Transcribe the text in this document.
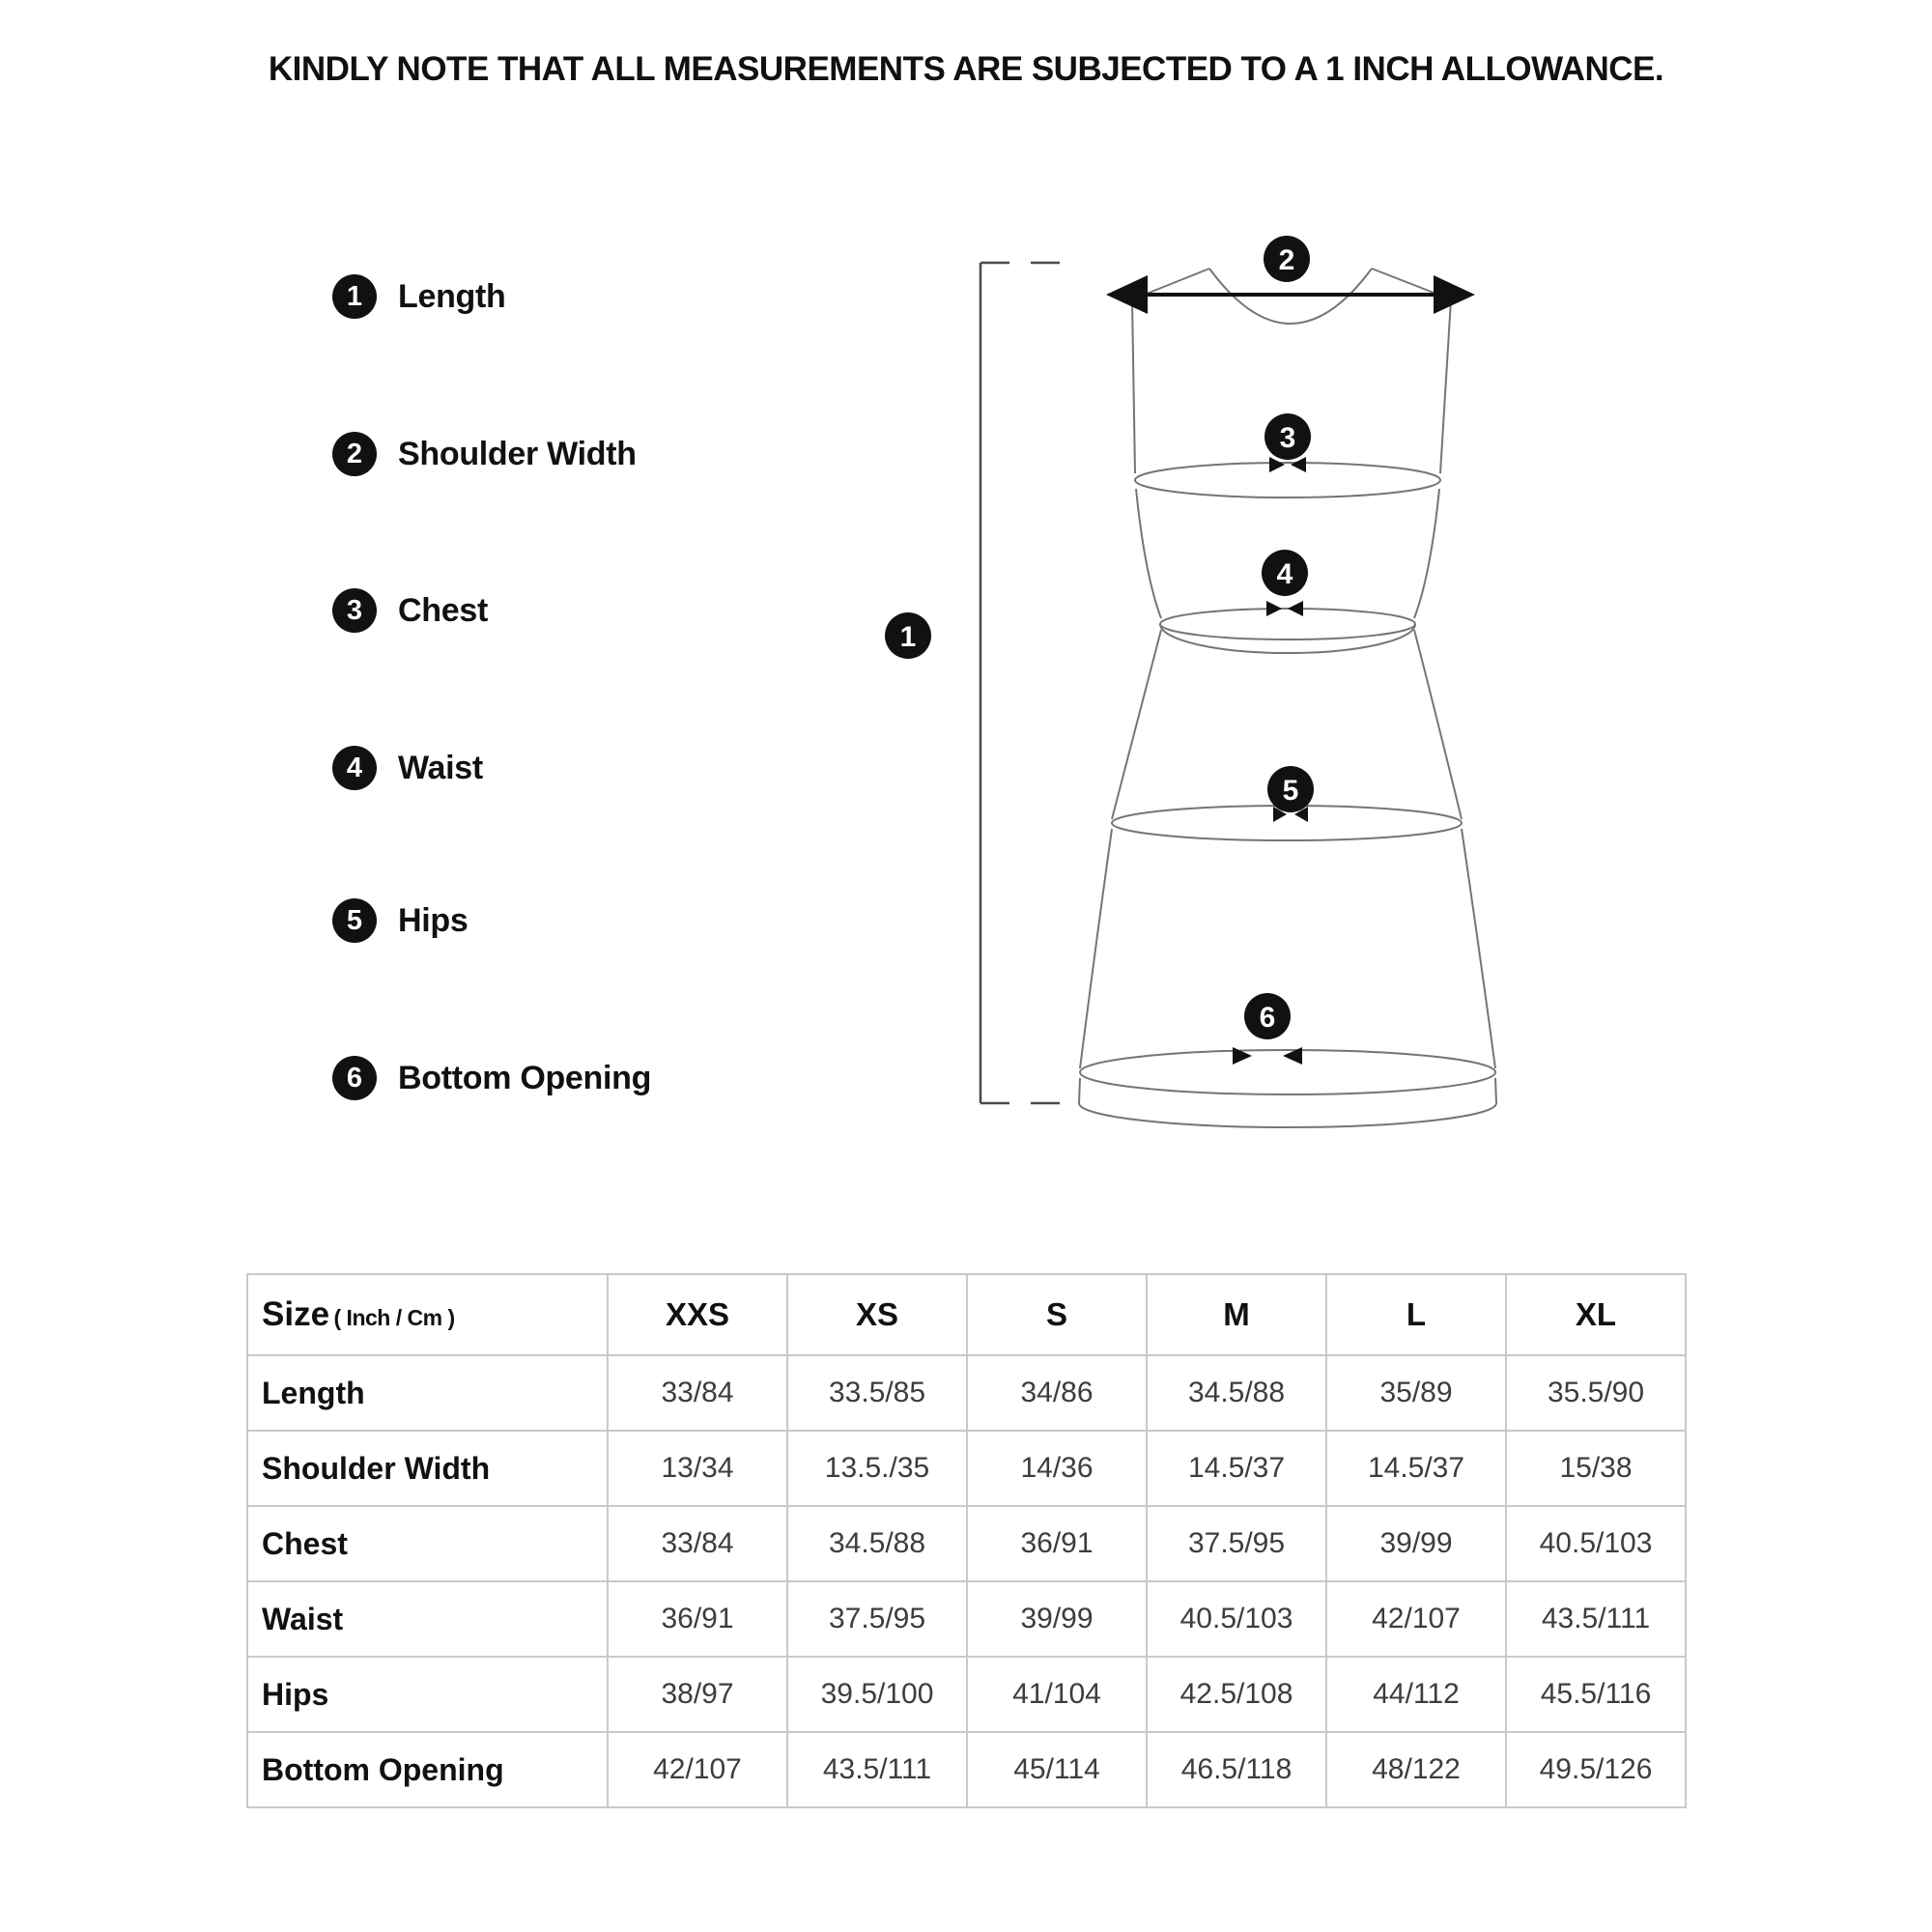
KINDLY NOTE THAT ALL MEASUREMENTS ARE SUBJECTED TO A 1 INCH ALLOWANCE.
1	Length
2	Shoulder Width
3	Chest
4	Waist
5	Hips
6	Bottom Opening
1
2
3
4
5
6
Size ( Inch / Cm )	XXS	XS	S	M	L	XL
Length	33/84	33.5/85	34/86	34.5/88	35/89	35.5/90
Shoulder Width	13/34	13.5./35	14/36	14.5/37	14.5/37	15/38
Chest	33/84	34.5/88	36/91	37.5/95	39/99	40.5/103
Waist	36/91	37.5/95	39/99	40.5/103	42/107	43.5/111
Hips	38/97	39.5/100	41/104	42.5/108	44/112	45.5/116
Bottom Opening	42/107	43.5/111	45/114	46.5/118	48/122	49.5/126
